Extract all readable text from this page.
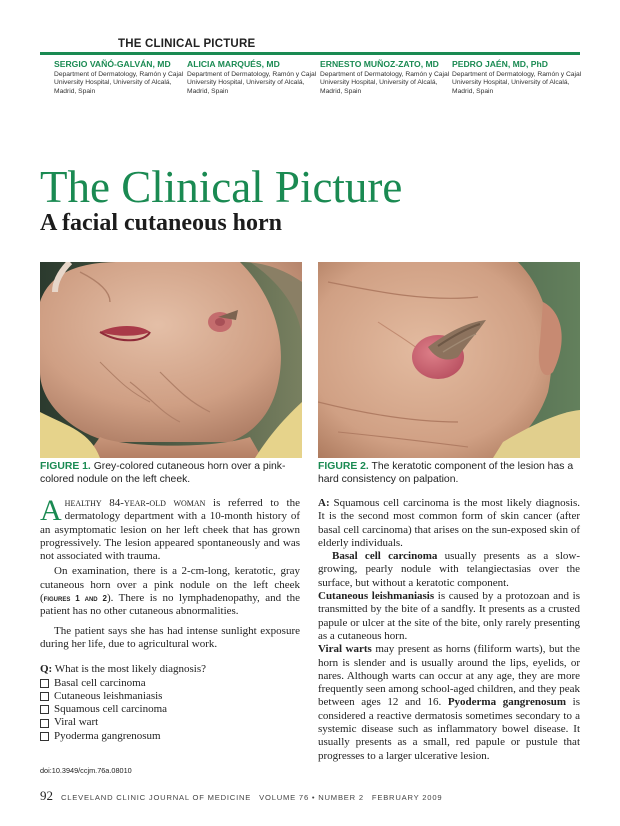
THE CLINICAL PICTURE
SERGIO VAÑÓ-GALVÁN, MD
Department of Dermatology, Ramón y Cajal University Hospital, University of Alcalá, Madrid, Spain
ALICIA MARQUÉS, MD
Department of Dermatology, Ramón y Cajal University Hospital, University of Alcalá, Madrid, Spain
ERNESTO MUÑOZ-ZATO, MD
Department of Dermatology, Ramón y Cajal University Hospital, University of Alcalá, Madrid, Spain
PEDRO JAÉN, MD, PhD
Department of Dermatology, Ramón y Cajal University Hospital, University of Alcalá, Madrid, Spain
The Clinical Picture
A facial cutaneous horn
FIGURE 1. Grey-colored cutaneous horn over a pink-colored nodule on the left cheek.
FIGURE 2. The keratotic component of the lesion has a hard consistency on palpation.

A healthy 84-year-old woman is referred to the dermatology department with a 10-month history of an asymptomatic lesion on her left cheek that has grown progressively. The lesion appeared spontaneously and was not associated with trauma.

On examination, there is a 2-cm-long, keratotic, gray cutaneous horn over a pink nodule on the left cheek (figures 1 and 2). There is no lymphadenopathy, and the patient has no other cutaneous abnormalities.

The patient says she has had intense sunlight exposure during her life, due to agricultural work.

Q: What is the most likely diagnosis?

Basal cell carcinoma
Cutaneous leishmaniasis
Squamous cell carcinoma
Viral wart
Pyoderma gangrenosum

A: Squamous cell carcinoma is the most likely diagnosis. It is the second most common form of skin cancer (after basal cell carcinoma) that arises on the sun-exposed skin of elderly individuals.

Basal cell carcinoma usually presents as a slow-growing, pearly nodule with telangiectasias over the surface, but without a keratotic component.

Cutaneous leishmaniasis is caused by a protozoan and is transmitted by the bite of a sandfly. It presents as a crusted papule or ulcer at the site of the bite, only rarely presenting as a cutaneous horn.

Viral warts may present as horns (filiform warts), but the horn is slender and is usually around the lips, eyelids, or nares. Although warts can occur at any age, they are more frequently seen among school-aged children, and they peak between ages 12 and 16. Pyoderma gangrenosum is considered a reactive dermatosis sometimes secondary to a systemic disease such as inflammatory bowel disease. It usually presents as a small, red papule or pustule that progresses to a larger ulcerative lesion.

doi:10.3949/ccjm.76a.08010
92 CLEVELAND CLINIC JOURNAL OF MEDICINE VOLUME 76 • NUMBER 2 FEBRUARY 2009
